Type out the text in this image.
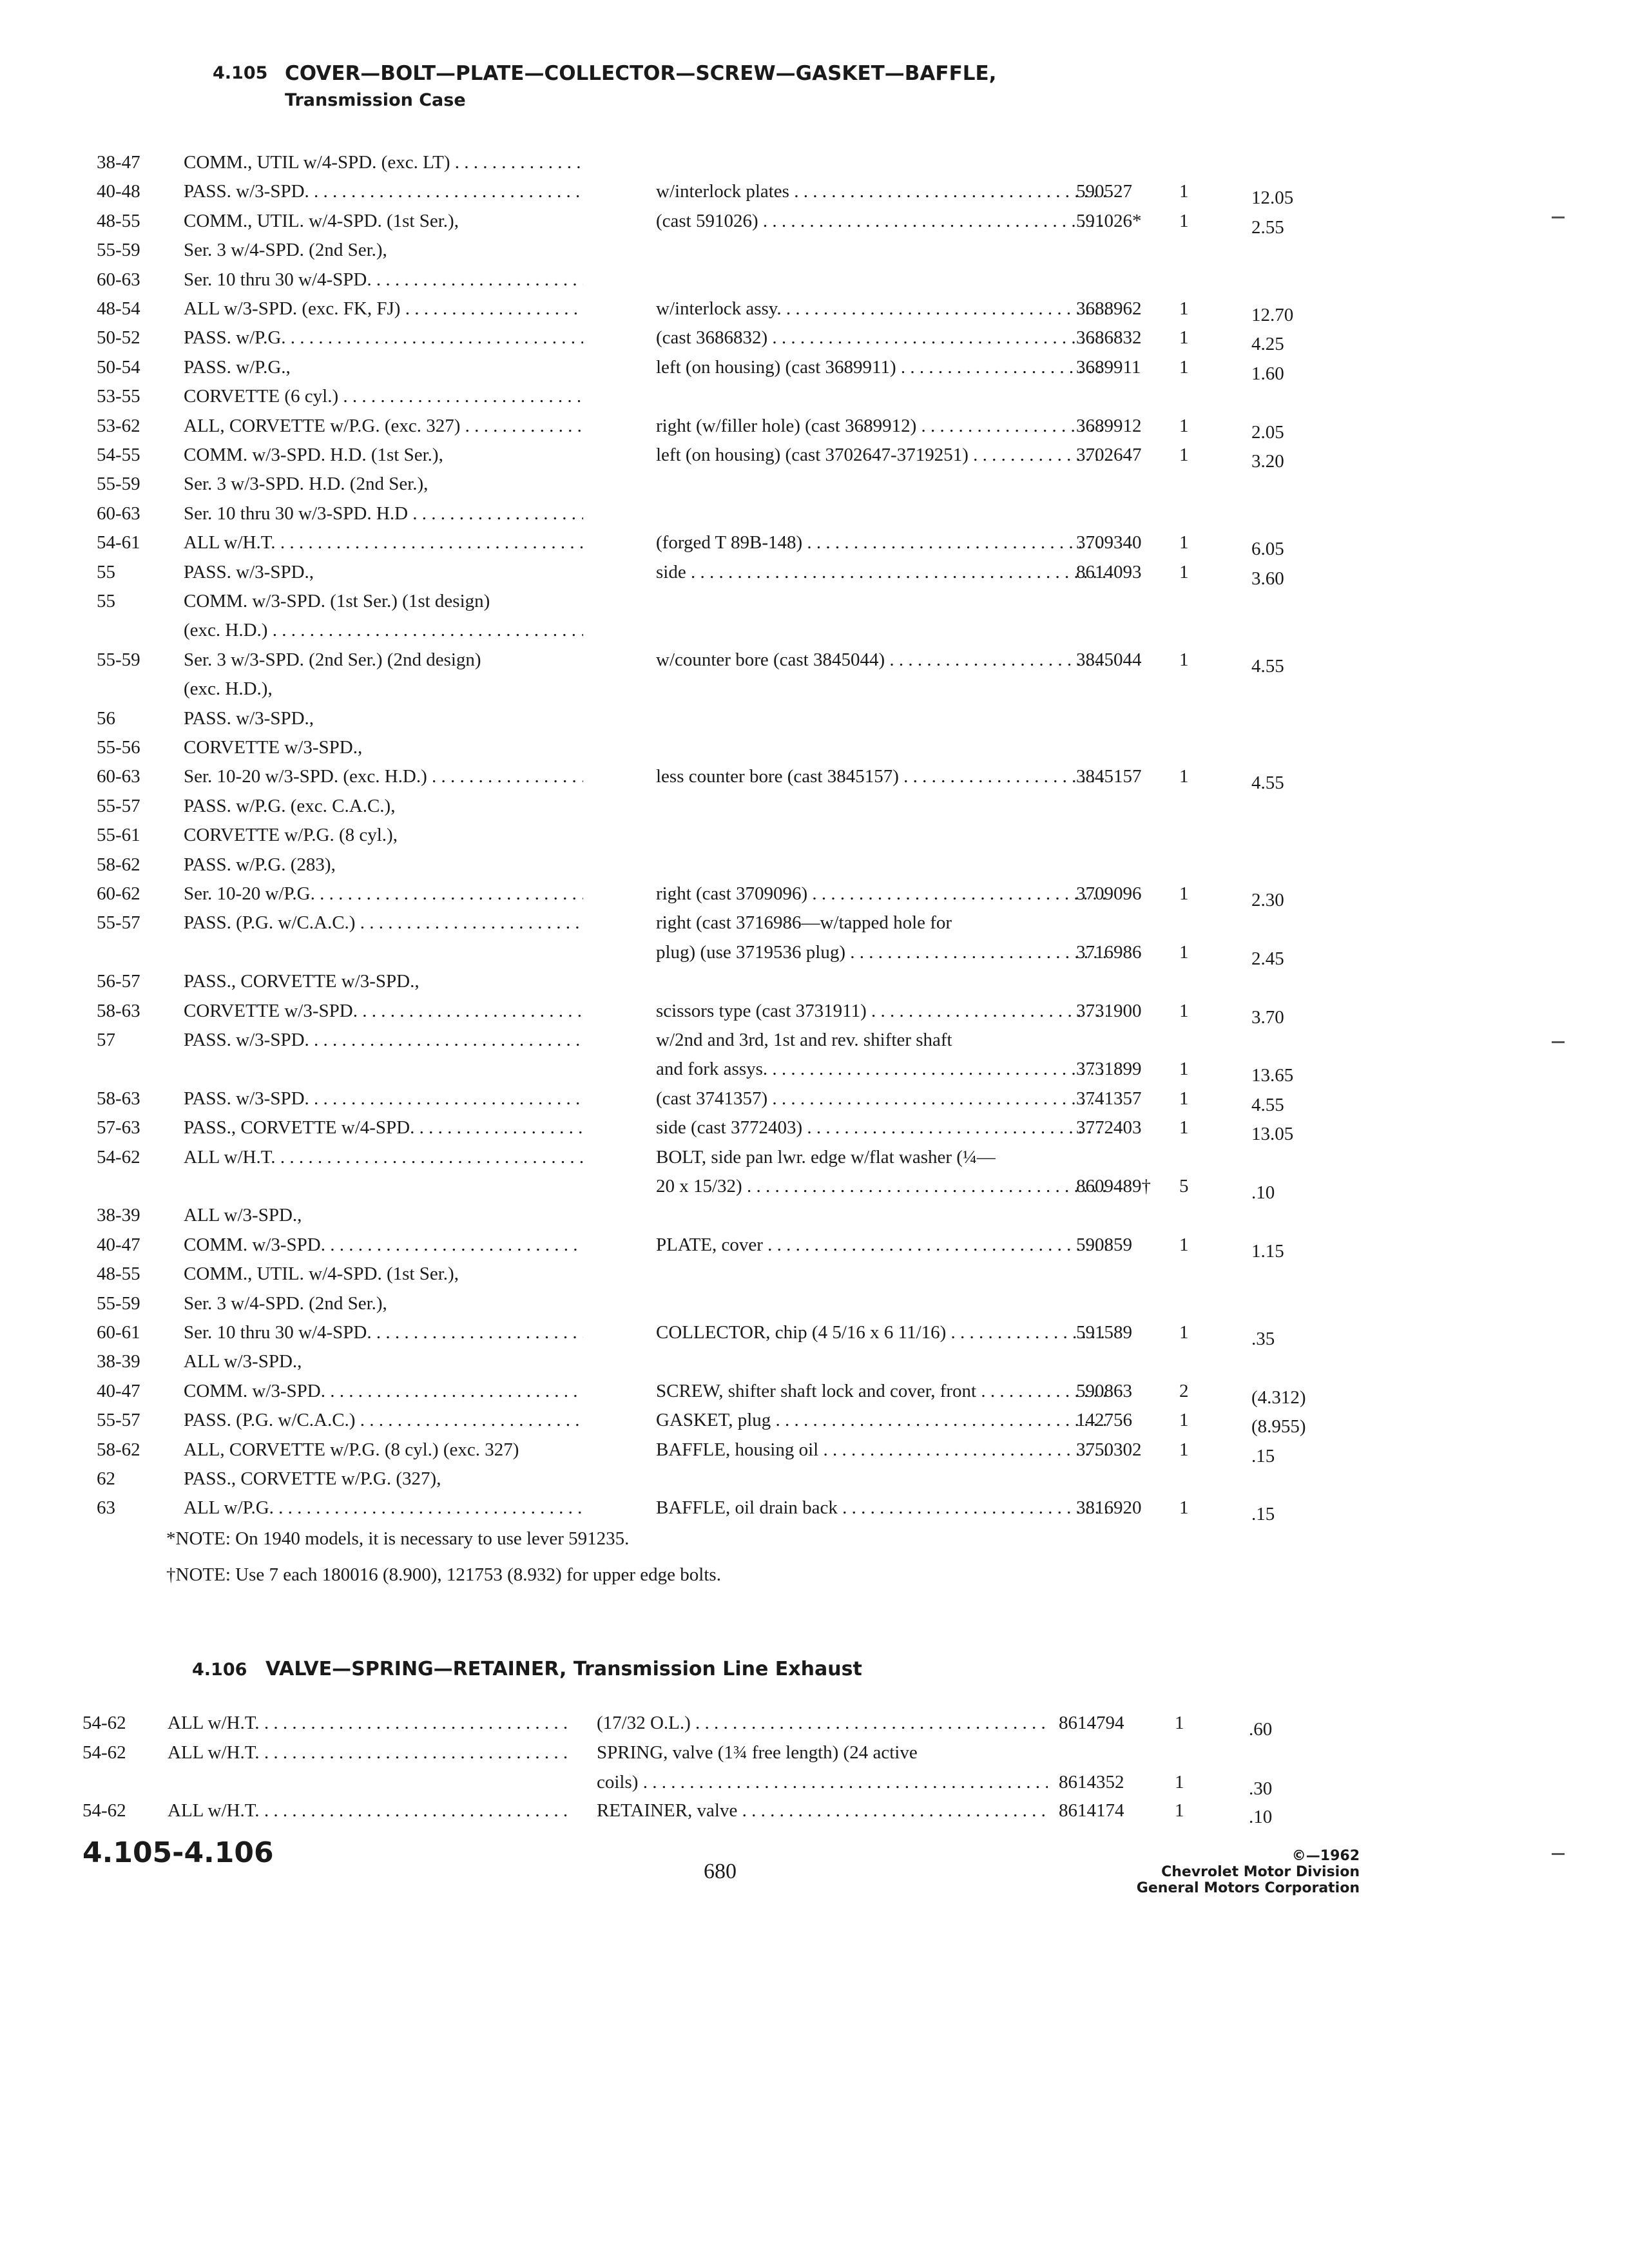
4.105 COVER—BOLT—PLATE—COLLECTOR—SCREW—GASKET—BAFFLE,
Transmission Case
38-47 COMM., UTIL w/4-SPD. (exc. LT) . . .
40-48 PASS. w/3-SPD. . . .	w/interlock plates . . .	590527	1	12.05
48-55 COMM., UTIL. w/4-SPD. (1st Ser.),	(cast 591026) . . .	591026* 1	2.55
55-59 Ser. 3 w/4-SPD. (2nd Ser.),
60-63 Ser. 10 thru 30 w/4-SPD. . . .
48-54 ALL w/3-SPD. (exc. FK, FJ) . . .	w/interlock assy. . . .	3688962 1	12.70
50-52 PASS. w/P.G. . . .	(cast 3686832) . . .	3686832 1	4.25
50-54 PASS. w/P.G.,	left (on housing) (cast 3689911) . . .	3689911 1	1.60
53-55 CORVETTE (6 cyl.) . . .
53-62 ALL, CORVETTE w/P.G. (exc. 327) . . .	right (w/filler hole) (cast 3689912) . . .	3689912 1	2.05
54-55 COMM. w/3-SPD. H.D. (1st Ser.),	left (on housing) (cast 3702647-3719251) . . . .	3702647 1	3.20
55-59 Ser. 3 w/3-SPD. H.D. (2nd Ser.),
60-63 Ser. 10 thru 30 w/3-SPD. H.D . . .
54-61 ALL w/H.T. . . .	(forged T 89B-148) . . .	3709340 1	6.05
55	PASS. w/3-SPD.,	side . . .	8614093 1	3.60
55	COMM. w/3-SPD. (1st Ser.) (1st design)
(exc. H.D.) . . .
55-59 Ser. 3 w/3-SPD. (2nd Ser.) (2nd design)	w/counter bore (cast 3845044) . . .	3845044 1	4.55
(exc. H.D.),
56	PASS. w/3-SPD.,
55-56 CORVETTE w/3-SPD.,
60-63 Ser. 10-20 w/3-SPD. (exc. H.D.) . . .	less counter bore (cast 3845157) . . .	3845157 1	4.55
55-57 PASS. w/P.G. (exc. C.A.C.),
55-61 CORVETTE w/P.G. (8 cyl.),
58-62 PASS. w/P.G. (283),
60-62 Ser. 10-20 w/P.G. . . .	right (cast 3709096) . . .	3709096 1	2.30
55-57 PASS. (P.G. w/C.A.C.) . . .	right (cast 3716986—w/tapped hole for
plug) (use 3719536 plug) . . .	3716986 1	2.45
56-57 PASS., CORVETTE w/3-SPD.,
58-63 CORVETTE w/3-SPD. . . .	scissors type (cast 3731911) . . .	3731900 1	3.70
57	PASS. w/3-SPD. . . .	w/2nd and 3rd, 1st and rev. shifter shaft
and fork assys. . . .	3731899 1	13.65
58-63 PASS. w/3-SPD. . . .	(cast 3741357) . . .	3741357 1	4.55
57-63 PASS., CORVETTE w/4-SPD. . . .	side (cast 3772403) . . .	3772403 1	13.05
54-62 ALL w/H.T. . . .	BOLT, side pan lwr. edge w/flat washer (¼—
20 x 15/32) . . .	8609489† 5	.10
38-39 ALL w/3-SPD.,
40-47 COMM. w/3-SPD. . . .	PLATE, cover . . .	590859	1	1.15
48-55 COMM., UTIL. w/4-SPD. (1st Ser.),
55-59 Ser. 3 w/4-SPD. (2nd Ser.),
60-61 Ser. 10 thru 30 w/4-SPD. . . .	COLLECTOR, chip (4 5/16 x 6 11/16) . . .	591589	1	.35
38-39 ALL w/3-SPD.,
40-47 COMM. w/3-SPD. . . .	SCREW, shifter shaft lock and cover, front . . .	590863	2	(4.312)
55-57 PASS. (P.G. w/C.A.C.) . . .	GASKET, plug . . .	142756	1	(8.955)
58-62 ALL, CORVETTE w/P.G. (8 cyl.) (exc. 327)	BAFFLE, housing oil . . .	3750302 1	.15
62	PASS., CORVETTE w/P.G. (327),
63	ALL w/P.G. . . .	BAFFLE, oil drain back . . .	3816920 1	.15
*NOTE: On 1940 models, it is necessary to use lever 591235.
†NOTE: Use 7 each 180016 (8.900), 121753 (8.932) for upper edge bolts.
4.106 VALVE—SPRING—RETAINER, Transmission Line Exhaust
54-62 ALL w/H.T. . . .	(17/32 O.L.) . . .	8614794	1	.60
54-62 ALL w/H.T. . . .	SPRING, valve (1¾ free length) (24 active
coils) . . .	8614352	1	.30
54-62 ALL w/H.T. . . .	RETAINER, valve . . .	8614174	1	.10
4.105-4.106
680
©—1962
Chevrolet Motor Division
General Motors Corporation
